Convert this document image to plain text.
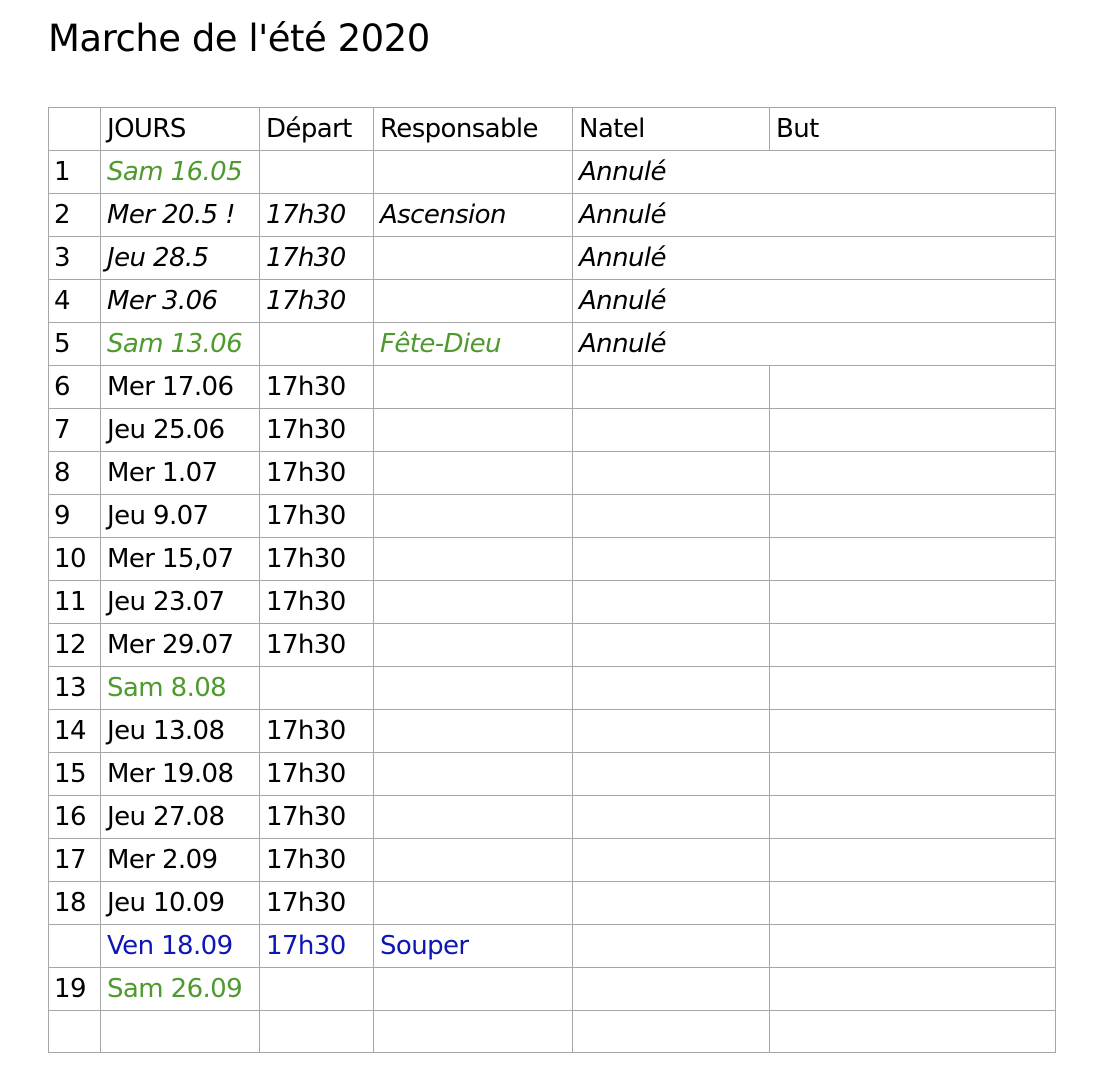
Marche de l'été 2020
	JOURS	Départ	Responsable	Natel	But
1	Sam 16.05			Annulé	
2	Mer 20.5 !	17h30	Ascension	Annulé	
3	Jeu 28.5	17h30		Annulé	
4	Mer 3.06	17h30		Annulé	
5	Sam 13.06		Fête-Dieu	Annulé	
6	Mer 17.06	17h30			
7	Jeu 25.06	17h30			
8	Mer 1.07	17h30			
9	Jeu 9.07	17h30			
10	Mer 15,07	17h30			
11	Jeu 23.07	17h30			
12	Mer 29.07	17h30			
13	Sam 8.08				
14	Jeu 13.08	17h30			
15	Mer 19.08	17h30			
16	Jeu 27.08	17h30			
17	Mer 2.09	17h30			
18	Jeu 10.09	17h30			
	Ven 18.09	17h30	Souper		
19	Sam 26.09				
